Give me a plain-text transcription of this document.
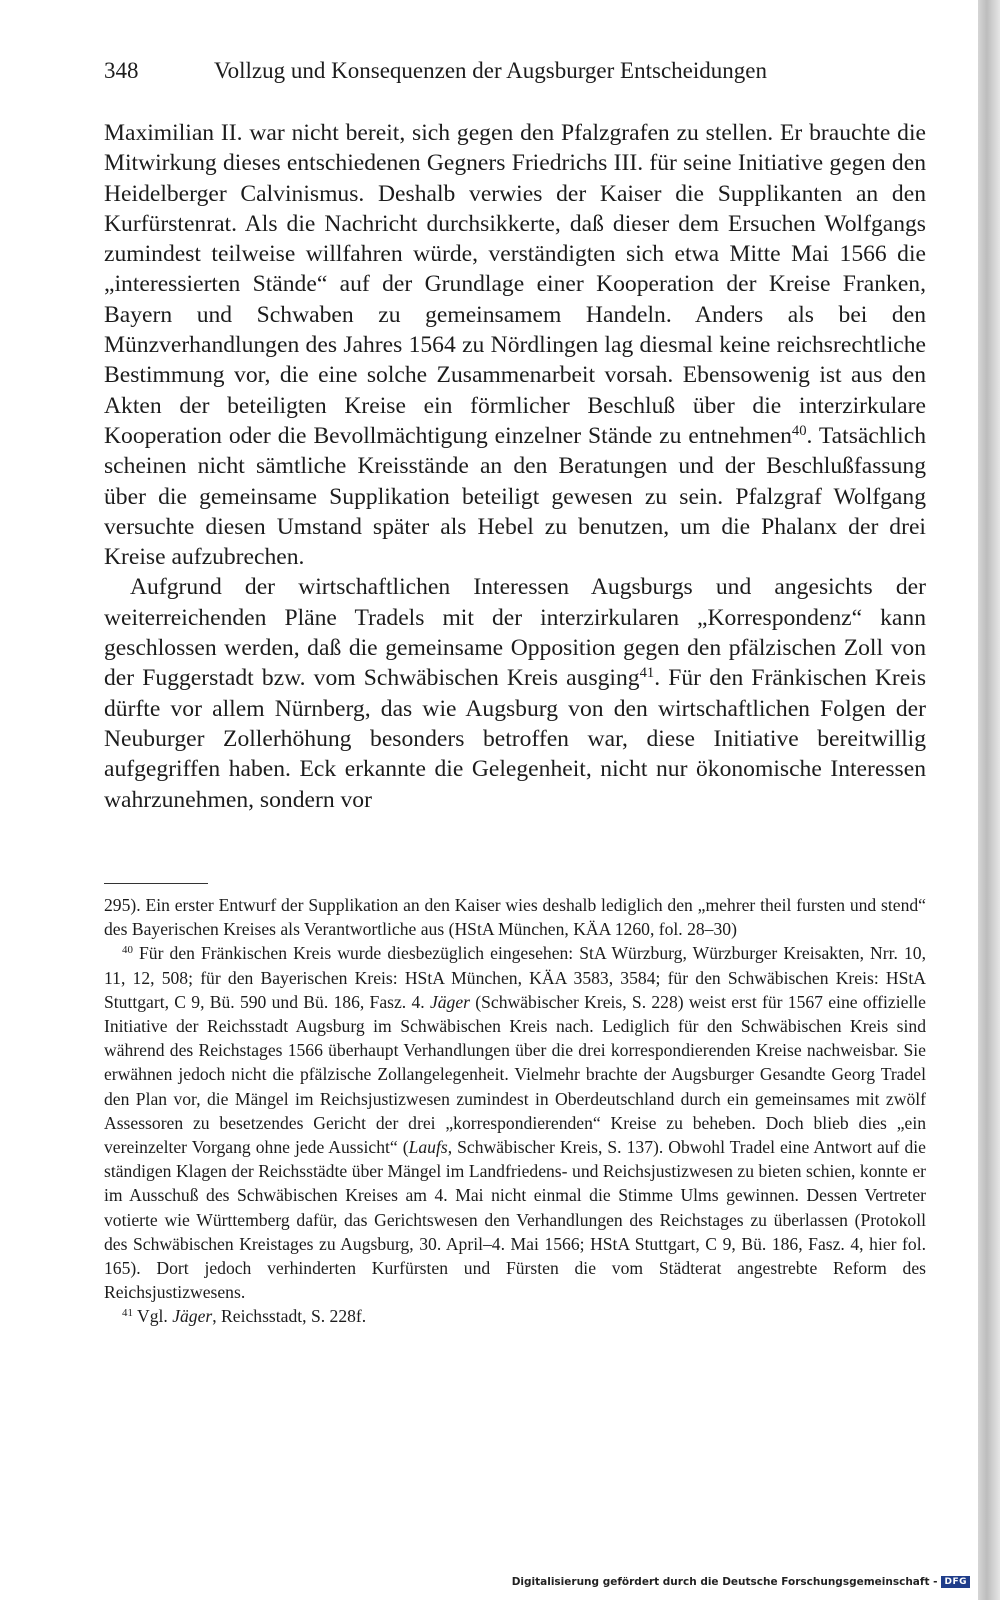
348	Vollzug und Konsequenzen der Augsburger Entscheidungen

Maximilian II. war nicht bereit, sich gegen den Pfalzgrafen zu stellen. Er brauchte die Mitwirkung dieses entschiedenen Gegners Friedrichs III. für seine Initiative gegen den Heidelberger Calvinismus. Deshalb verwies der Kaiser die Supplikanten an den Kurfürstenrat. Als die Nachricht durchsikkerte, daß dieser dem Ersuchen Wolfgangs zumindest teilweise willfahren würde, verständigten sich etwa Mitte Mai 1566 die „interessierten Stände“ auf der Grundlage einer Kooperation der Kreise Franken, Bayern und Schwaben zu gemeinsamem Handeln. Anders als bei den Münzverhandlungen des Jahres 1564 zu Nördlingen lag diesmal keine reichsrechtliche Bestimmung vor, die eine solche Zusammenarbeit vorsah. Ebensowenig ist aus den Akten der beteiligten Kreise ein förmlicher Beschluß über die interzirkulare Kooperation oder die Bevollmächtigung einzelner Stände zu entnehmen$^{40}$. Tatsächlich scheinen nicht sämtliche Kreisstände an den Beratungen und der Beschlußfassung über die gemeinsame Supplikation beteiligt gewesen zu sein. Pfalzgraf Wolfgang versuchte diesen Umstand später als Hebel zu benutzen, um die Phalanx der drei Kreise aufzubrechen.

Aufgrund der wirtschaftlichen Interessen Augsburgs und angesichts der weiterreichenden Pläne Tradels mit der interzirkularen „Korrespondenz“ kann geschlossen werden, daß die gemeinsame Opposition gegen den pfälzischen Zoll von der Fuggerstadt bzw. vom Schwäbischen Kreis ausging$^{41}$. Für den Fränkischen Kreis dürfte vor allem Nürnberg, das wie Augsburg von den wirtschaftlichen Folgen der Neuburger Zollerhöhung besonders betroffen war, diese Initiative bereitwillig aufgegriffen haben. Eck erkannte die Gelegenheit, nicht nur ökonomische Interessen wahrzunehmen, sondern vor

295). Ein erster Entwurf der Supplikation an den Kaiser wies deshalb lediglich den „mehrer theil fursten und stend“ des Bayerischen Kreises als Verantwortliche aus (HStA München, KÄA 1260, fol. 28–30)

$^{40}$ Für den Fränkischen Kreis wurde diesbezüglich eingesehen: StA Würzburg, Würzburger Kreisakten, Nrr. 10, 11, 12, 508; für den Bayerischen Kreis: HStA München, KÄA 3583, 3584; für den Schwäbischen Kreis: HStA Stuttgart, C 9, Bü. 590 und Bü. 186, Fasz. 4. Jäger (Schwäbischer Kreis, S. 228) weist erst für 1567 eine offizielle Initiative der Reichsstadt Augsburg im Schwäbischen Kreis nach. Lediglich für den Schwäbischen Kreis sind während des Reichstages 1566 überhaupt Verhandlungen über die drei korrespondierenden Kreise nachweisbar. Sie erwähnen jedoch nicht die pfälzische Zollangelegenheit. Vielmehr brachte der Augsburger Gesandte Georg Tradel den Plan vor, die Mängel im Reichsjustizwesen zumindest in Oberdeutschland durch ein gemeinsames mit zwölf Assessoren zu besetzendes Gericht der drei „korrespondierenden“ Kreise zu beheben. Doch blieb dies „ein vereinzelter Vorgang ohne jede Aussicht“ (Laufs, Schwäbischer Kreis, S. 137). Obwohl Tradel eine Antwort auf die ständigen Klagen der Reichsstädte über Mängel im Landfriedens- und Reichsjustizwesen zu bieten schien, konnte er im Ausschuß des Schwäbischen Kreises am 4. Mai nicht einmal die Stimme Ulms gewinnen. Dessen Vertreter votierte wie Württemberg dafür, das Gerichtswesen den Verhandlungen des Reichstages zu überlassen (Protokoll des Schwäbischen Kreistages zu Augsburg, 30. April–4. Mai 1566; HStA Stuttgart, C 9, Bü. 186, Fasz. 4, hier fol. 165). Dort jedoch verhinderten Kurfürsten und Fürsten die vom Städterat angestrebte Reform des Reichsjustizwesens.

$^{41}$ Vgl. Jäger, Reichsstadt, S. 228f.

Digitalisierung gefördert durch die Deutsche Forschungsgemeinschaft - DFG
